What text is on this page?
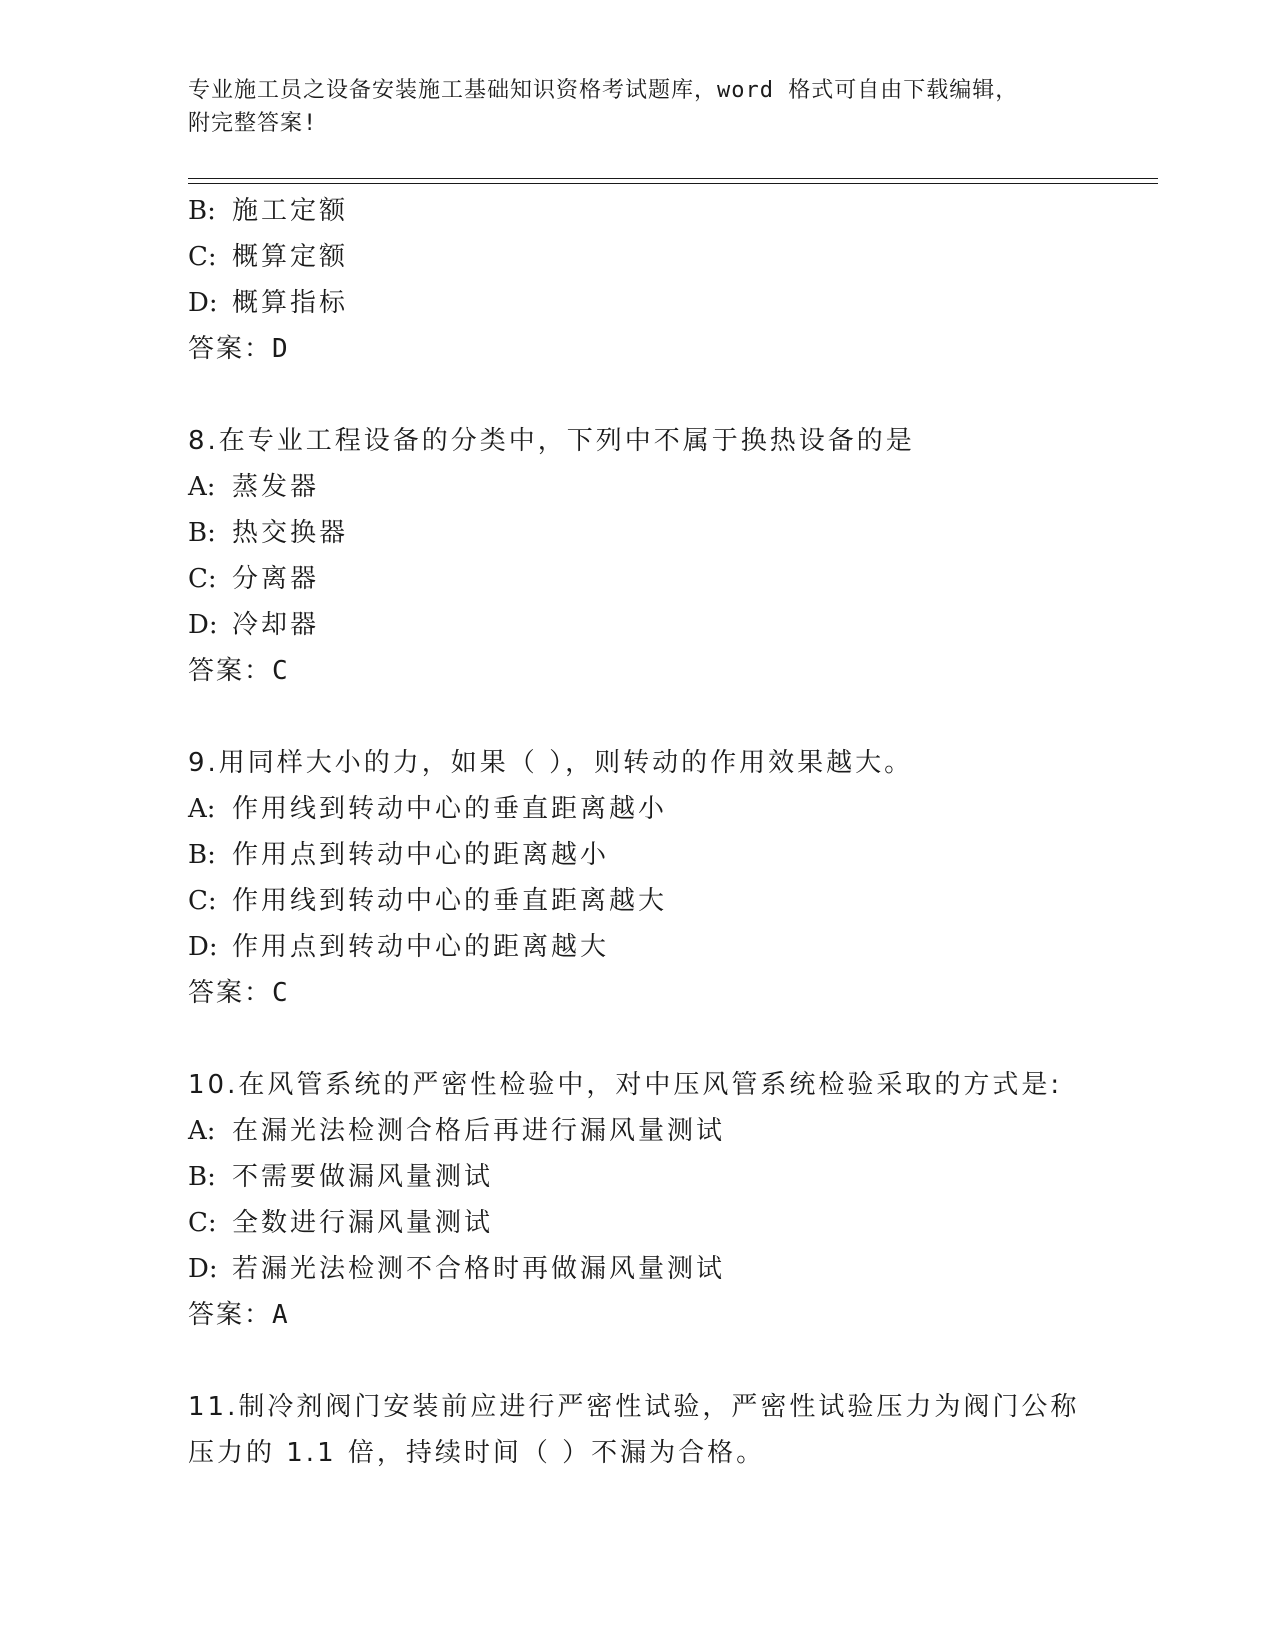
专业施工员之设备安装施工基础知识资格考试题库，word 格式可自由下载编辑，
附完整答案!
B: 施工定额
C: 概算定额
D: 概算指标
答案：D
8.在专业工程设备的分类中，下列中不属于换热设备的是
A: 蒸发器
B: 热交换器
C: 分离器
D: 冷却器
答案：C
9.用同样大小的力，如果（ ），则转动的作用效果越大。
A: 作用线到转动中心的垂直距离越小
B: 作用点到转动中心的距离越小
C: 作用线到转动中心的垂直距离越大
D: 作用点到转动中心的距离越大
答案：C
10.在风管系统的严密性检验中，对中压风管系统检验采取的方式是:
A: 在漏光法检测合格后再进行漏风量测试
B: 不需要做漏风量测试
C: 全数进行漏风量测试
D: 若漏光法检测不合格时再做漏风量测试
答案：A
11.制冷剂阀门安装前应进行严密性试验，严密性试验压力为阀门公称
压力的 1.1 倍，持续时间（ ）不漏为合格。
